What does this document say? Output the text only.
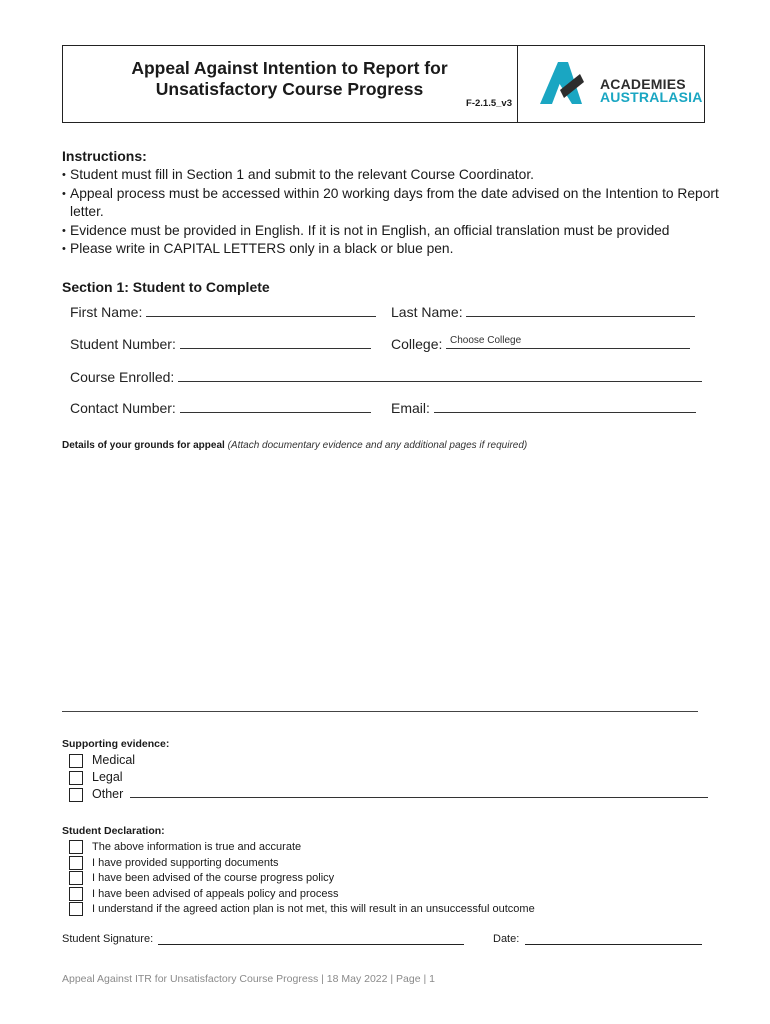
Appeal Against Intention to Report for
Unsatisfactory Course Progress
F-2.1.5_v3
ACADEMIES
AUSTRALASIA
Instructions:
• Student must fill in Section 1 and submit to the relevant Course Coordinator.
• Appeal process must be accessed within 20 working days from the date advised on the Intention to Report
letter.
• Evidence must be provided in English. If it is not in English, an official translation must be provided
• Please write in CAPITAL LETTERS only in a black or blue pen.
Section 1: Student to Complete
First Name:	Last Name:
Student Number:	College: Choose College
Course Enrolled:
Contact Number:	Email:
Details of your grounds for appeal (Attach documentary evidence and any additional pages if required)
Supporting evidence:
Medical
Legal
Other
Student Declaration:
The above information is true and accurate
I have provided supporting documents
I have been advised of the course progress policy
I have been advised of appeals policy and process
I understand if the agreed action plan is not met, this will result in an unsuccessful outcome
Student Signature:	Date:
Appeal Against ITR for Unsatisfactory Course Progress | 18 May 2022 | Page | 1
